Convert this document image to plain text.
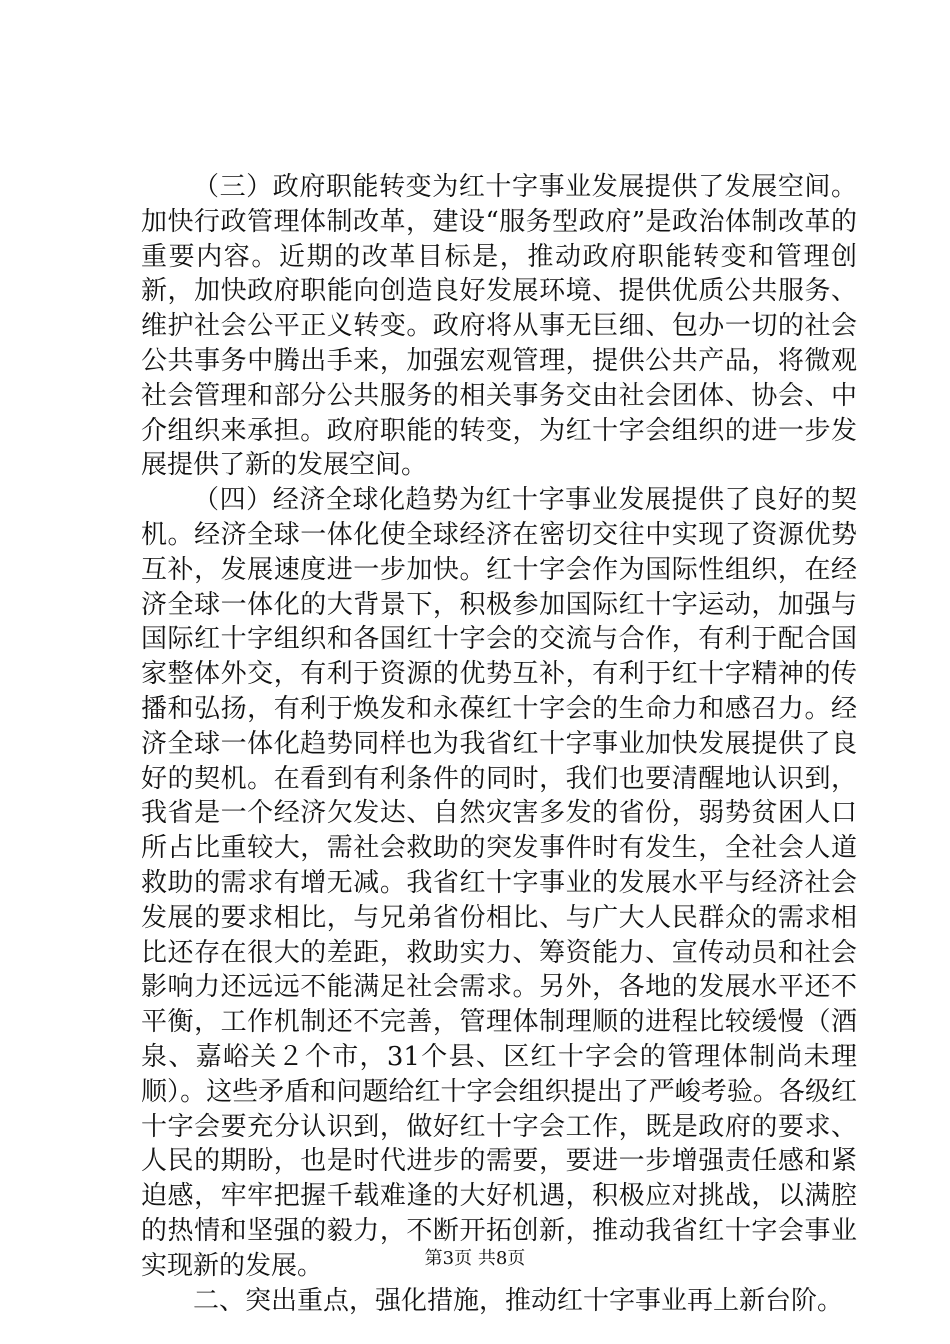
（三）政府职能转变为红十字事业发展提供了发展空间。加快行政管理体制改革，建设“服务型政府”是政治体制改革的重要内容。近期的改革目标是，推动政府职能转变和管理创新，加快政府职能向创造良好发展环境、提供优质公共服务、维护社会公平正义转变。政府将从事无巨细、包办一切的社会公共事务中腾出手来，加强宏观管理，提供公共产品，将微观社会管理和部分公共服务的相关事务交由社会团体、协会、中介组织来承担。政府职能的转变，为红十字会组织的进一步发展提供了新的发展空间。

（四）经济全球化趋势为红十字事业发展提供了良好的契机。经济全球一体化使全球经济在密切交往中实现了资源优势互补，发展速度进一步加快。红十字会作为国际性组织，在经济全球一体化的大背景下，积极参加国际红十字运动，加强与国际红十字组织和各国红十字会的交流与合作，有利于配合国家整体外交，有利于资源的优势互补，有利于红十字精神的传播和弘扬，有利于焕发和永葆红十字会的生命力和感召力。经济全球一体化趋势同样也为我省红十字事业加快发展提供了良好的契机。在看到有利条件的同时，我们也要清醒地认识到，我省是一个经济欠发达、自然灾害多发的省份，弱势贫困人口所占比重较大，需社会救助的突发事件时有发生，全社会人道救助的需求有增无减。我省红十字事业的发展水平与经济社会发展的要求相比，与兄弟省份相比、与广大人民群众的需求相比还存在很大的差距，救助实力、筹资能力、宣传动员和社会影响力还远远不能满足社会需求。另外，各地的发展水平还不平衡，工作机制还不完善，管理体制理顺的进程比较缓慢（酒泉、嘉峪关２个市，31个县、区红十字会的管理体制尚未理顺）。这些矛盾和问题给红十字会组织提出了严峻考验。各级红十字会要充分认识到，做好红十字会工作，既是政府的要求、人民的期盼，也是时代进步的需要，要进一步增强责任感和紧迫感，牢牢把握千载难逢的大好机遇，积极应对挑战，以满腔的热情和坚强的毅力，不断开拓创新，推动我省红十字会事业实现新的发展。

二、突出重点，强化措施，推动红十字事业再上新台阶。

第3页 共8页
